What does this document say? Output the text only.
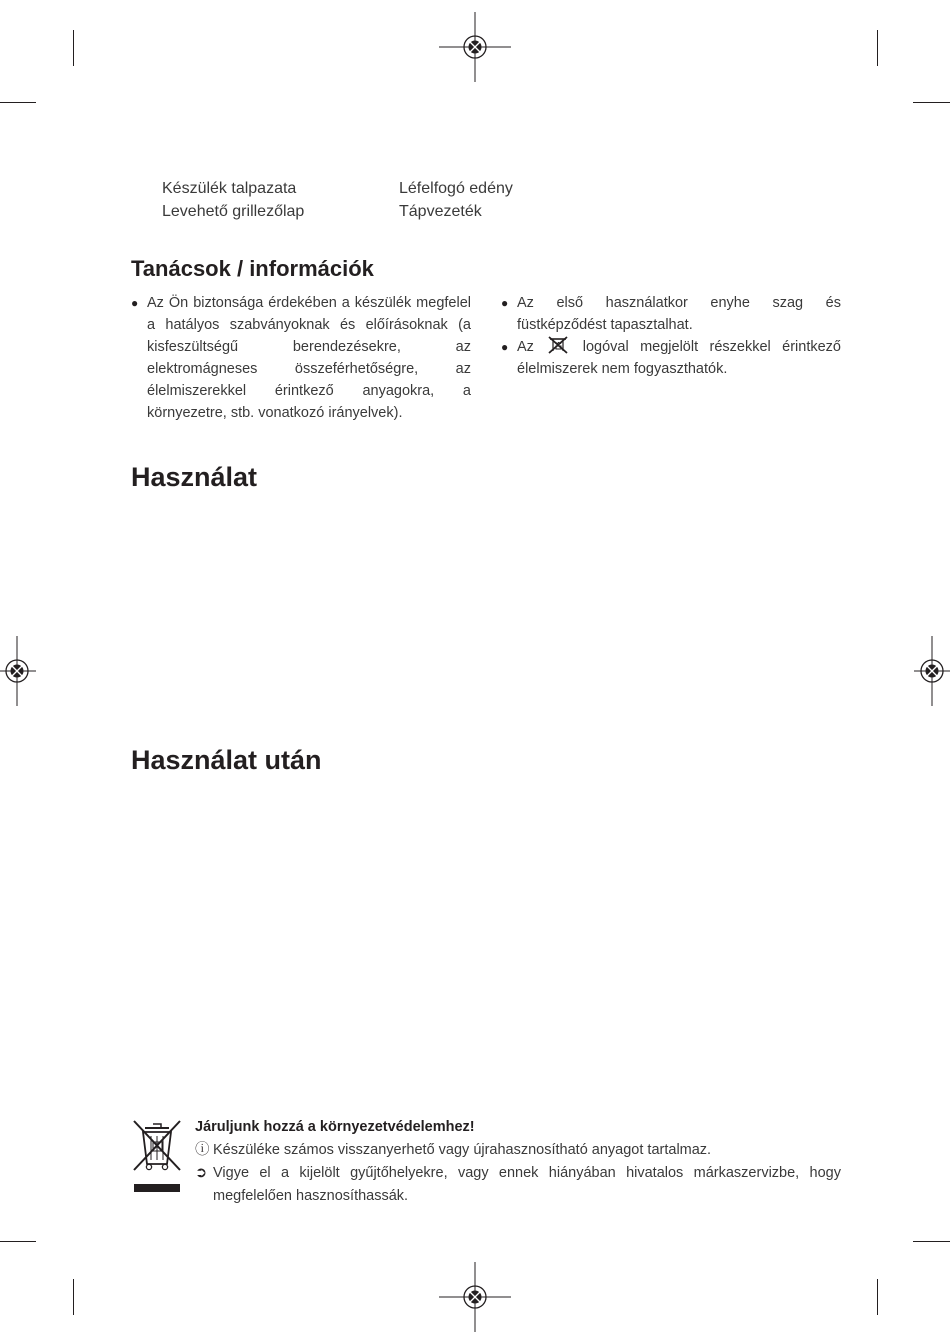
Készülék talpazata
Levehető grillezőlap
Léfelfogó edény
Tápvezeték
Tanácsok / információk
● Az Ön biztonsága érdekében a készülék megfelel a hatályos szabványoknak és előírásoknak (a kisfeszültségű berendezésekre, az elektromágneses összeférhetőségre, az élelmiszerekkel érintkező anyagokra, a környezetre, stb. vonatkozó irányelvek).
● Az első használatkor enyhe szag és füstképződést tapasztalhat.
● Az	logóval megjelölt részekkel érintkező élelmiszerek nem fogyaszthatók.
Használat
Használat után
Járuljunk hozzá a környezetvédelemhez!
ⓘ Készüléke számos visszanyerhető vagy újrahasznosítható anyagot tartalmaz.
➲ Vigye el a kijelölt gyűjtőhelyekre, vagy ennek hiányában hivatalos márkaszervizbe, hogy megfelelően hasznosíthassák.
